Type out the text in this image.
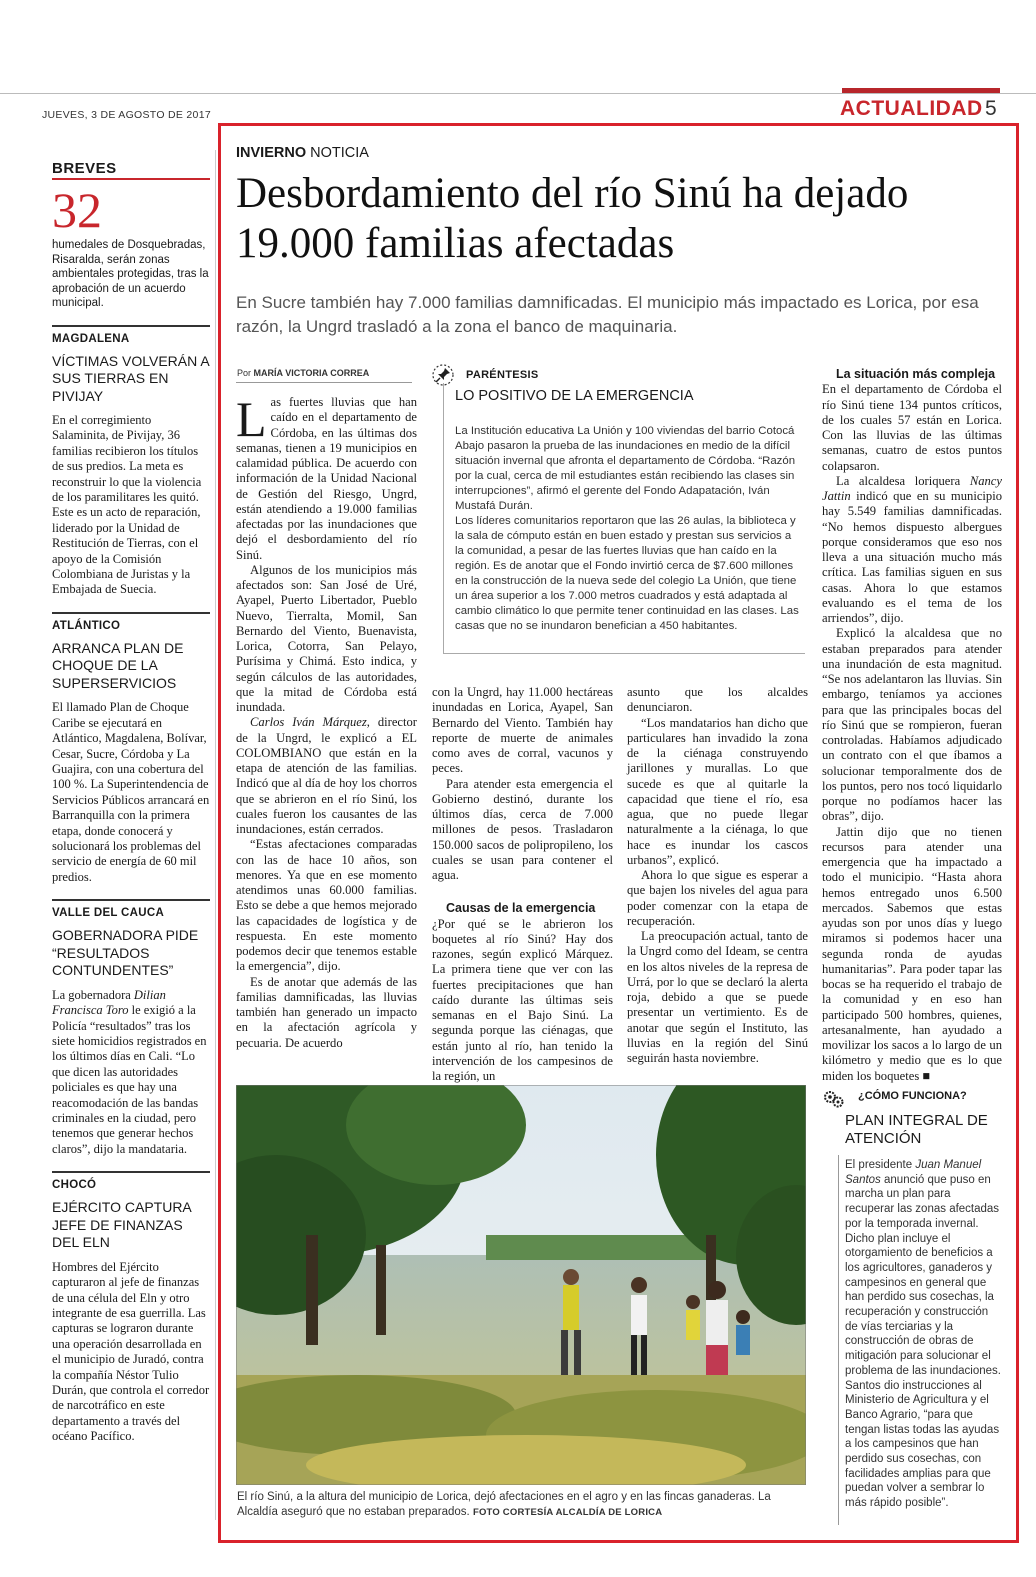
JUEVES, 3 DE AGOSTO DE 2017	ACTUALIDAD 5
BREVES
32
humedales de Dosquebradas, Risaralda, serán zonas ambientales protegidas, tras la aprobación de un acuerdo municipal.
MAGDALENA
VÍCTIMAS VOLVERÁN A SUS TIERRAS EN PIVIJAY
En el corregimiento Salaminita, de Pivijay, 36 familias recibieron los títulos de sus predios. La meta es reconstruir lo que la violencia de los paramilitares les quitó. Este es un acto de reparación, liderado por la Unidad de Restitución de Tierras, con el apoyo de la Comisión Colombiana de Juristas y la Embajada de Suecia.
ATLÁNTICO
ARRANCA PLAN DE CHOQUE DE LA SUPERSERVICIOS
El llamado Plan de Choque Caribe se ejecutará en Atlántico, Magdalena, Bolívar, Cesar, Sucre, Córdoba y La Guajira, con una cobertura del 100 %. La Superintendencia de Servicios Públicos arrancará en Barranquilla con la primera etapa, donde conocerá y solucionará los problemas del servicio de energía de 60 mil predios.
VALLE DEL CAUCA
GOBERNADORA PIDE “RESULTADOS CONTUNDENTES”
La gobernadora Dilian Francisca Toro le exigió a la Policía “resultados” tras los siete homicidios registrados en los últimos días en Cali. “Lo que dicen las autoridades policiales es que hay una reacomodación de las bandas criminales en la ciudad, pero tenemos que generar hechos claros”, dijo la mandataria.
CHOCÓ
EJÉRCITO CAPTURA JEFE DE FINANZAS DEL ELN
Hombres del Ejército capturaron al jefe de finanzas de una célula del Eln y otro integrante de esa guerrilla. Las capturas se lograron durante una operación desarrollada en el municipio de Juradó, contra la compañía Néstor Tulio Durán, que controla el corredor de narcotráfico en este departamento a través del océano Pacífico.
INVIERNO NOTICIA
Desbordamiento del río Sinú ha dejado 19.000 familias afectadas
En Sucre también hay 7.000 familias damnificadas. El municipio más impactado es Lorica, por esa razón, la Ungrd trasladó a la zona el banco de maquinaria.
Por MARÍA VICTORIA CORREA

Las fuertes lluvias que han caído en el departamento de Córdoba, en las últimas dos semanas, tienen a 19 municipios en calamidad pública. De acuerdo con información de la Unidad Nacional de Gestión del Riesgo, Ungrd, están atendiendo a 19.000 familias afectadas por las inundaciones que dejó el desbordamiento del río Sinú.

Algunos de los municipios más afectados son: San José de Uré, Ayapel, Puerto Libertador, Pueblo Nuevo, Tierralta, Momil, San Bernardo del Viento, Buenavista, Lorica, Cotorra, San Pelayo, Purísima y Chimá. Esto indica, y según cálculos de las autoridades, que la mitad de Córdoba está inundada.

Carlos Iván Márquez, director de la Ungrd, le explicó a EL COLOMBIANO que están en la etapa de atención de las familias. Indicó que al día de hoy los chorros que se abrieron en el río Sinú, los cuales fueron los causantes de las inundaciones, están cerrados.

“Estas afectaciones comparadas con las de hace 10 años, son menores. Ya que en ese momento atendimos unas 60.000 familias. Esto se debe a que hemos mejorado las capacidades de logística y de respuesta. En este momento podemos decir que tenemos estable la emergencia”, dijo.

Es de anotar que además de las familias damnificadas, las lluvias también han generado un impacto en la afectación agrícola y pecuaria. De acuerdo

PARÉNTESIS
LO POSITIVO DE LA EMERGENCIA

La Institución educativa La Unión y 100 viviendas del barrio Cotocá Abajo pasaron la prueba de las inundaciones en medio de la difícil situación invernal que afronta el departamento de Córdoba. “Razón por la cual, cerca de mil estudiantes están recibiendo las clases sin interrupciones”, afirmó el gerente del Fondo Adapatación, Iván Mustafá Durán.

Los líderes comunitarios reportaron que las 26 aulas, la biblioteca y la sala de cómputo están en buen estado y prestan sus servicios a la comunidad, a pesar de las fuertes lluvias que han caído en la región. Es de anotar que el Fondo invirtió cerca de $7.600 millones en la construcción de la nueva sede del colegio La Unión, que tiene un área superior a los 7.000 metros cuadrados y está adaptada al cambio climático lo que permite tener continuidad en las clases. Las casas que no se inundaron benefician a 450 habitantes.

con la Ungrd, hay 11.000 hectáreas inundadas en Lorica, Ayapel, San Bernardo del Viento. También hay reporte de muerte de animales como aves de corral, vacunos y peces.

Para atender esta emergencia el Gobierno destinó, durante los últimos días, cerca de 7.000 millones de pesos. Trasladaron 150.000 sacos de polipropileno, los cuales se usan para contener el agua.

Causas de la emergencia

¿Por qué se le abrieron los boquetes al río Sinú? Hay dos razones, según explicó Márquez. La primera tiene que ver con las fuertes precipitaciones que han caído durante las últimas seis semanas en el Bajo Sinú. La segunda porque las ciénagas, que están junto al río, han tenido la intervención de los campesinos de la región, un

asunto que los alcaldes denunciaron.

“Los mandatarios han dicho que particulares han invadido la zona de la ciénaga construyendo jarillones y murallas. Lo que sucede es que al quitarle la capacidad que tiene el río, esa agua, que no puede llegar naturalmente a la ciénaga, lo que hace es inundar los cascos urbanos”, explicó.

Ahora lo que sigue es esperar a que bajen los niveles del agua para poder comenzar con la etapa de recuperación.

La preocupación actual, tanto de la Ungrd como del Ideam, se centra en los altos niveles de la represa de Urrá, por lo que se declaró la alerta roja, debido a que se puede presentar un vertimiento. Es de anotar que según el Instituto, las lluvias en la región del Sinú seguirán hasta noviembre.

La situación más compleja

En el departamento de Córdoba el río Sinú tiene 134 puntos críticos, de los cuales 57 están en Lorica. Con las lluvias de las últimas semanas, cuatro de estos puntos colapsaron.

La alcaldesa loriquera Nancy Jattin indicó que en su municipio hay 5.549 familias damnificadas. “No hemos dispuesto albergues porque consideramos que eso nos lleva a una situación mucho más crítica. Las familias siguen en sus casas. Ahora lo que estamos evaluando es el tema de los arriendos”, dijo.

Explicó la alcaldesa que no estaban preparados para atender una inundación de esta magnitud. “Se nos adelantaron las lluvias. Sin embargo, teníamos ya acciones para que las principales bocas del río Sinú que se rompieron, fueran controladas. Habíamos adjudicado un contrato con el que íbamos a solucionar temporalmente dos de los puntos, pero nos tocó liquidarlo porque no podíamos hacer las obras”, dijo.

Jattin dijo que no tienen recursos para atender una emergencia que ha impactado a todo el municipio. “Hasta ahora hemos entregado unos 6.500 mercados. Sabemos que estas ayudas son por unos días y luego miramos si podemos hacer una segunda ronda de ayudas humanitarias”. Para poder tapar las bocas se ha requerido el trabajo de la comunidad y en eso han participado 500 hombres, quienes, artesanalmente, han ayudado a movilizar los sacos a lo largo de un kilómetro y medio que es lo que miden los boquetes ■

El río Sinú, a la altura del municipio de Lorica, dejó afectaciones en el agro y en las fincas ganaderas. La Alcaldía aseguró que no estaban preparados. FOTO CORTESÍA ALCALDÍA DE LORICA
¿CÓMO FUNCIONA?
PLAN INTEGRAL DE ATENCIÓN
El presidente Juan Manuel Santos anunció que puso en marcha un plan para recuperar las zonas afectadas por la temporada invernal. Dicho plan incluye el otorgamiento de beneficios a los agricultores, ganaderos y campesinos en general que han perdido sus cosechas, la recuperación y construcción de vías terciarias y la construcción de obras de mitigación para solucionar el problema de las inundaciones. Santos dio instrucciones al Ministerio de Agricultura y el Banco Agrario, “para que tengan listas todas las ayudas a los campesinos que han perdido sus cosechas, con facilidades amplias para que puedan volver a sembrar lo más rápido posible”.
